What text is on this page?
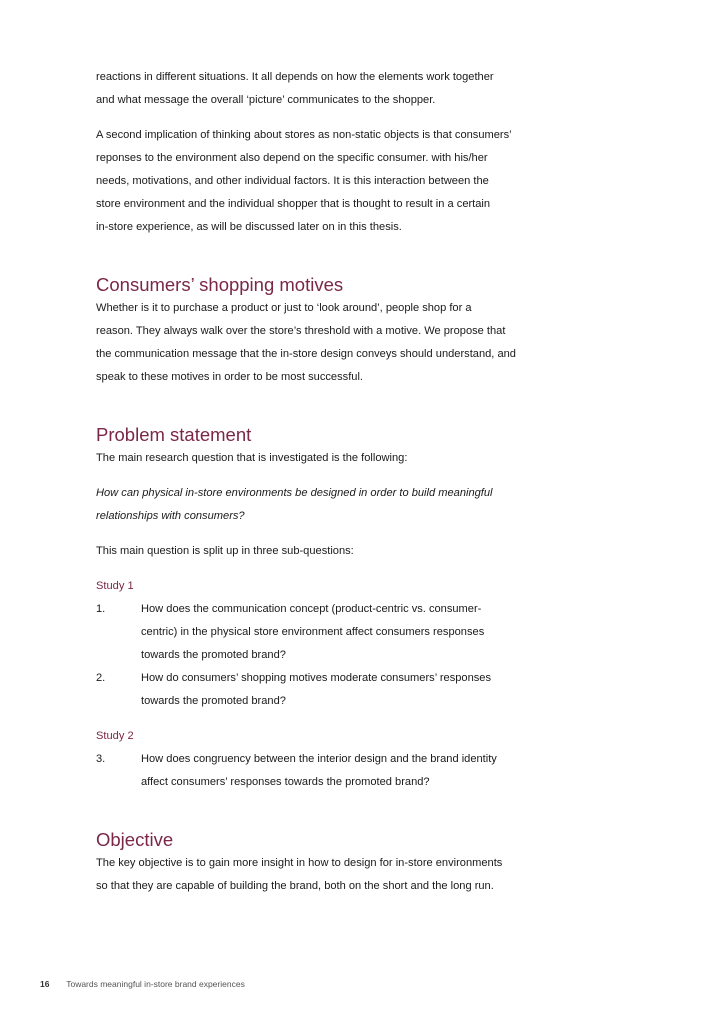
reactions in different situations. It all depends on how the elements work together

and what message the overall ‘picture’ communicates to the shopper.

A second implication of thinking about stores as non-static objects is that consumers’

reponses to the environment also depend on the specific consumer. with his/her

needs, motivations, and other individual factors. It is this interaction between the

store environment and the individual shopper that is thought to result in a certain

in-store experience, as will be discussed later on in this thesis.

Consumers’ shopping motives

Whether is it to purchase a product or just to ‘look around’, people shop for a

reason. They always walk over the store’s threshold with a motive. We propose that

the communication message that the in-store design conveys should understand, and

speak to these motives in order to be most successful.

Problem statement

The main research question that is investigated is the following:

How can physical in-store environments be designed in order to build meaningful

relationships with consumers?

This main question is split up in three sub-questions:

Study 1

1.	How does the communication concept (product-centric vs. consumer-

centric) in the physical store environment affect consumers responses

towards the promoted brand?

2.	How do consumers’ shopping motives moderate consumers’ responses

towards the promoted brand?

Study 2

3.	How does congruency between the interior design and the brand identity

affect consumers’ responses towards the promoted brand?

Objective

The key objective is to gain more insight in how to design for in-store environments

so that they are capable of building the brand, both on the short and the long run.

16 Towards meaningful in-store brand experiences
